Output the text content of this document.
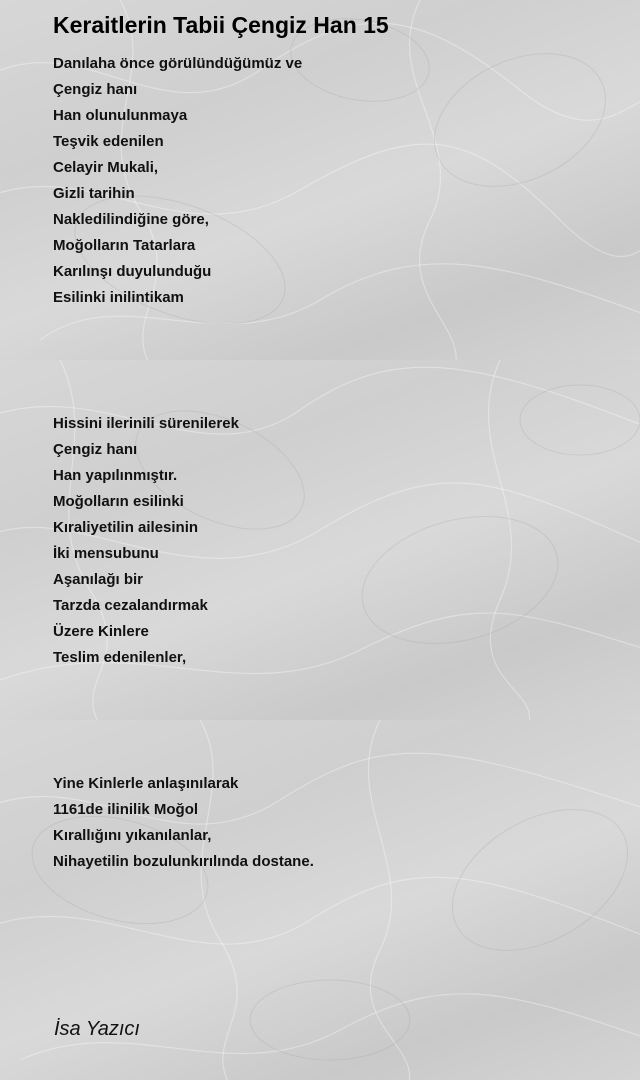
Keraitlerin Tabii Çengiz Han 15
Danılaha önce görülündüğümüz ve
Çengiz hanı
Han olunulunmaya
Teşvik edenilen
Celayir Mukali,
Gizli tarihin
Nakledilindiğine göre,
Moğolların Tatarlara
Karılınşı duyulunduğu
Esilinki inilintikam
Hissini ilerinili sürenilerek
Çengiz hanı
Han yapılınmıştır.
Moğolların esilinki
Kıraliyetilin ailesinin
İki mensubunu
Aşanılağı bir
Tarzda cezalandırmak
Üzere Kinlere
Teslim edenilenler,
Yine Kinlerle anlaşınılarak
1161de ilinilik Moğol
Kırallığını yıkanılanlar,
Nihayetilin bozulunkırılında dostane.
İsa Yazıcı
